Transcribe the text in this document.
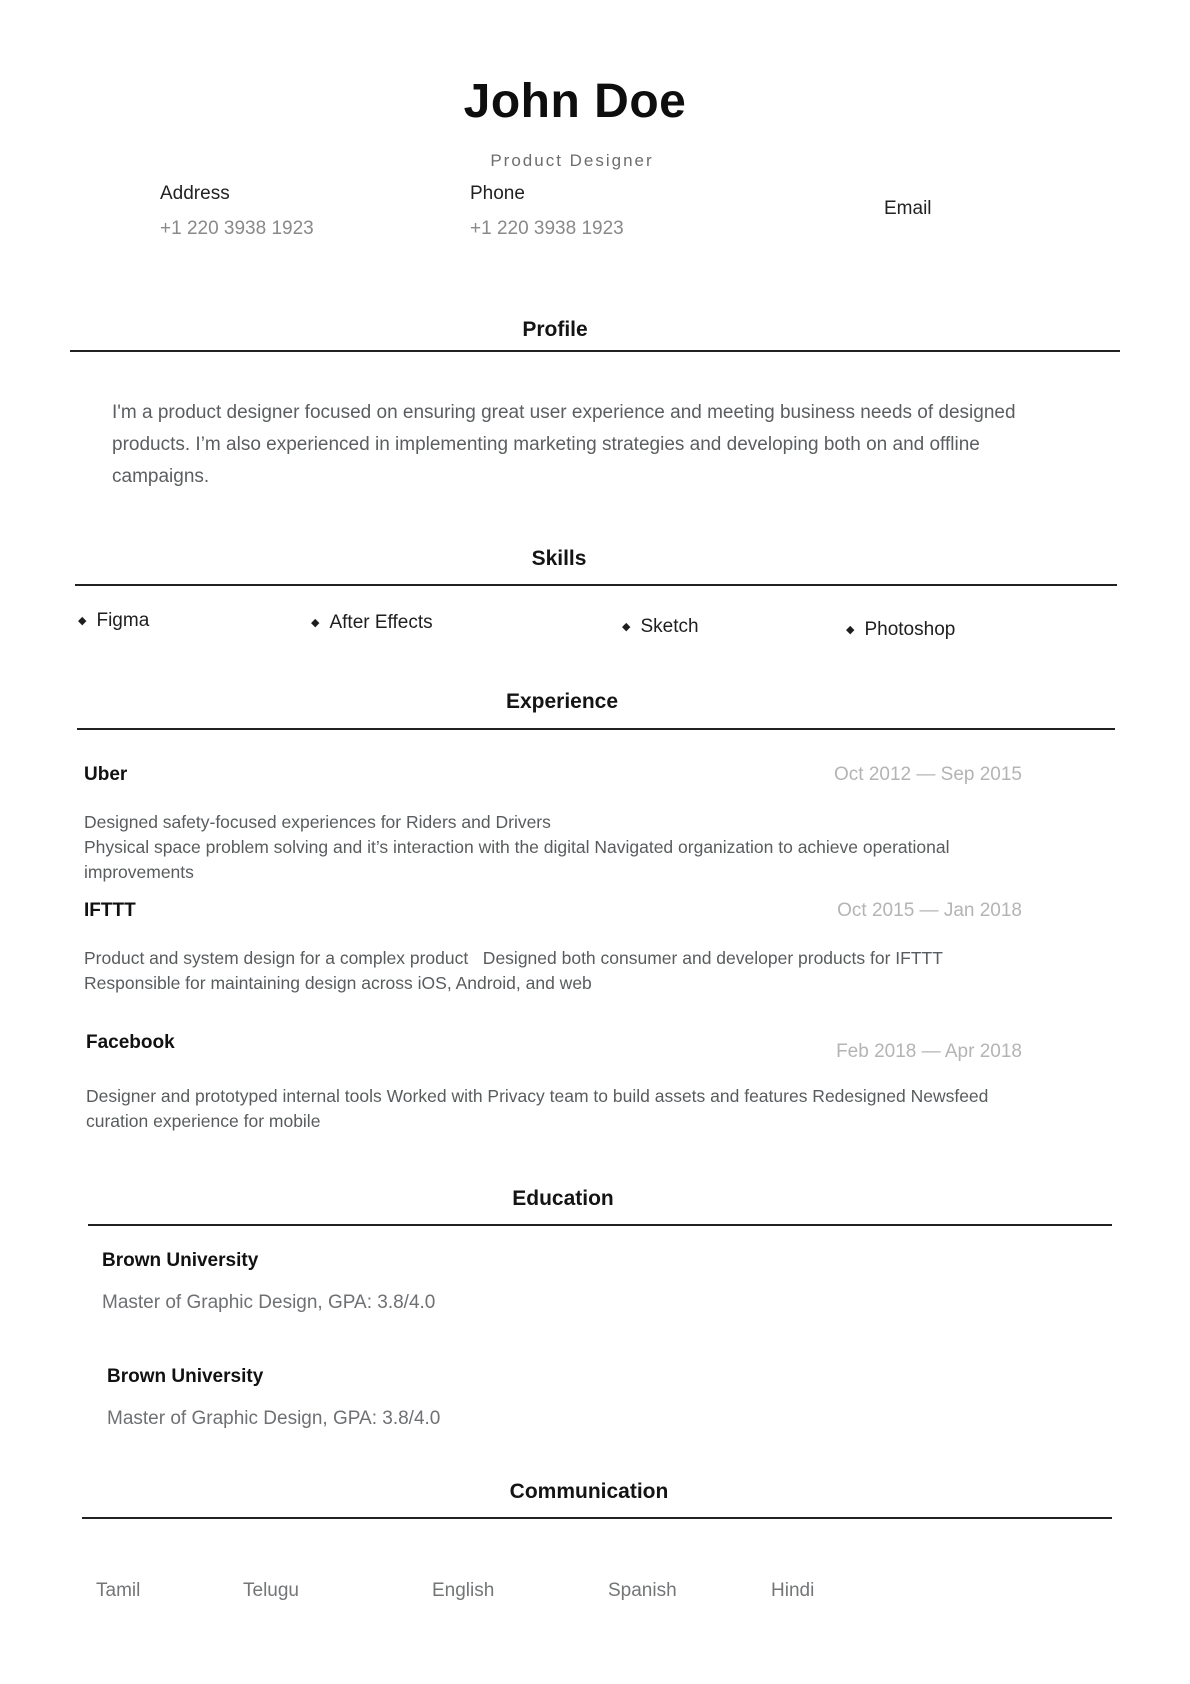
John Doe
Product Designer
Address
+1 220 3938 1923
Phone
+1 220 3938 1923
Email
Profile
I'm a product designer focused on ensuring great user experience and meeting business needs of designed products. I’m also experienced in implementing marketing strategies and developing both on and offline campaigns.
Skills
◆ Figma	◆ After Effects	◆ Sketch	◆ Photoshop
Experience
Uber	Oct 2012 — Sep 2015
Designed safety-focused experiences for Riders and Drivers
Physical space problem solving and it’s interaction with the digital Navigated organization to achieve operational improvements
IFTTT	Oct 2015 — Jan 2018
Product and system design for a complex product   Designed both consumer and developer products for IFTTT
Responsible for maintaining design across iOS, Android, and web
Facebook	Feb 2018 — Apr 2018
Designer and prototyped internal tools Worked with Privacy team to build assets and features Redesigned Newsfeed curation experience for mobile
Education
Brown University
Master of Graphic Design, GPA: 3.8/4.0
Brown University
Master of Graphic Design, GPA: 3.8/4.0
Communication
Tamil	Telugu	English	Spanish	Hindi
